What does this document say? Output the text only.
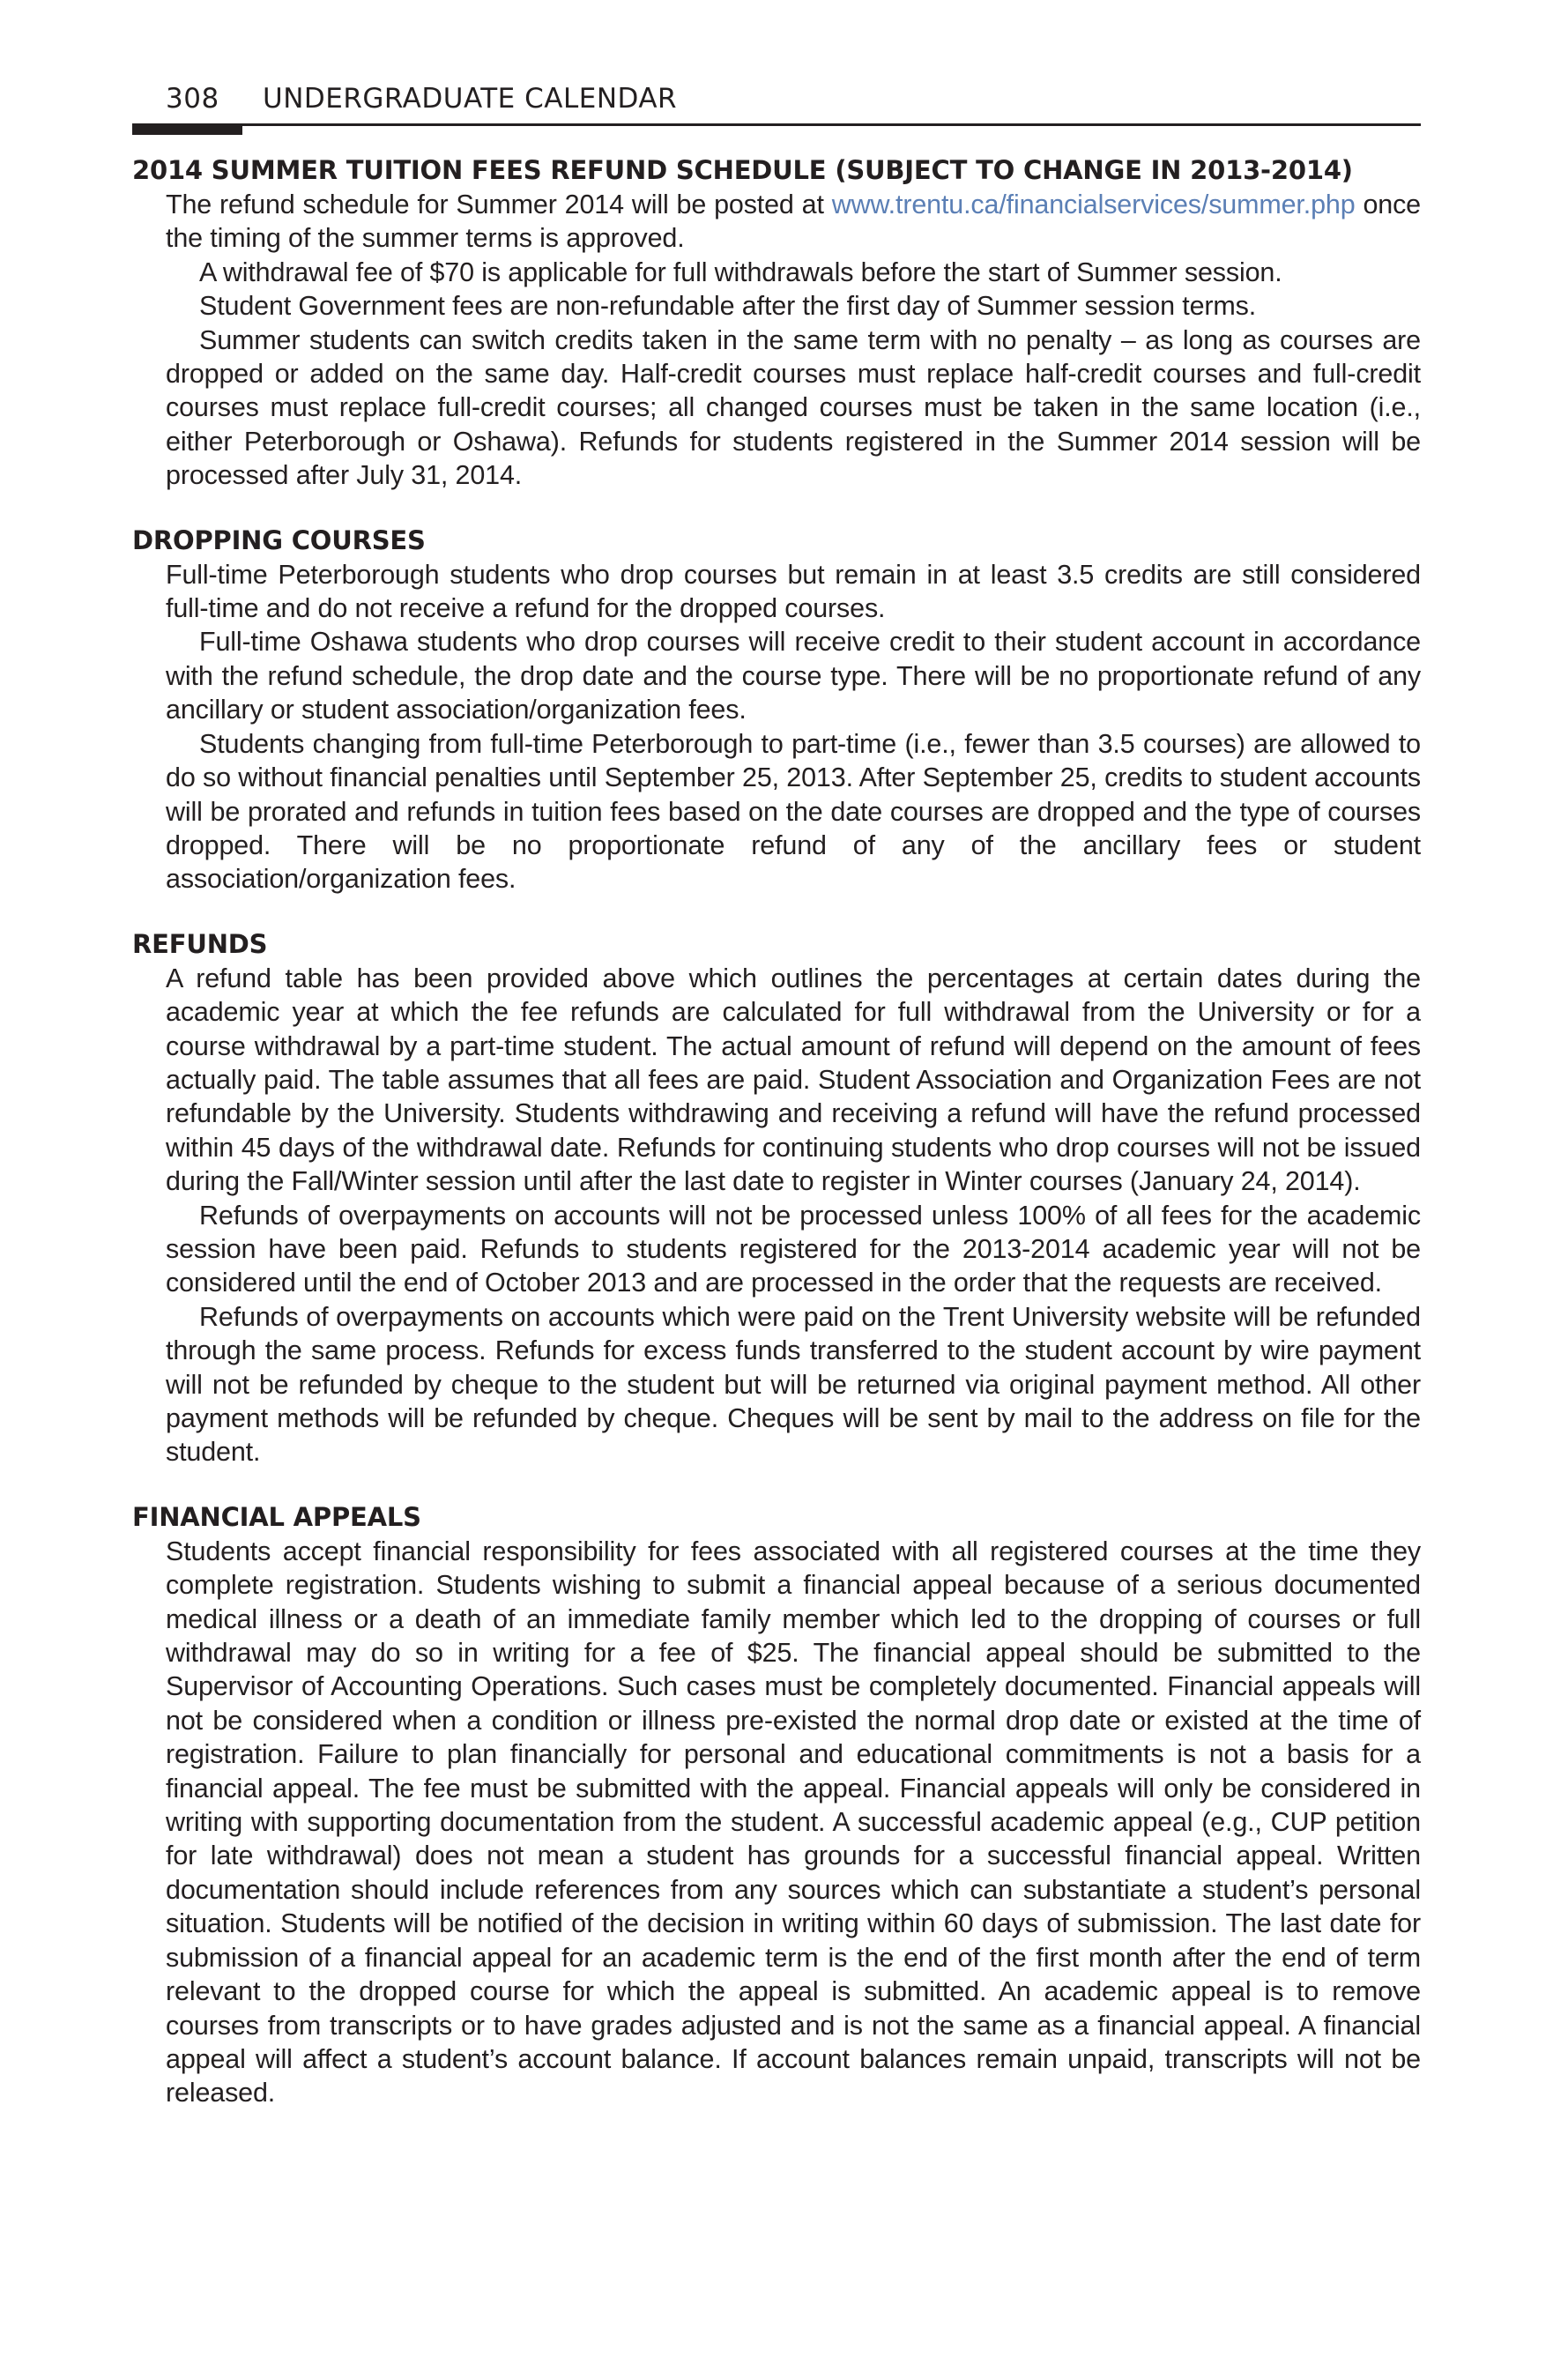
308 UNDERGRADUATE CALENDAR
2014 SUMMER TUITION FEES REFUND SCHEDULE (SUBJECT TO CHANGE IN 2013-2014)

The refund schedule for Summer 2014 will be posted at www.trentu.ca/financialservices/summer.php once the timing of the summer terms is approved.

A withdrawal fee of $70 is applicable for full withdrawals before the start of Summer session.

Student Government fees are non-refundable after the first day of Summer session terms.

Summer students can switch credits taken in the same term with no penalty – as long as courses are dropped or added on the same day. Half-credit courses must replace half-credit courses and full-credit courses must replace full-credit courses; all changed courses must be taken in the same location (i.e., either Peterborough or Oshawa). Refunds for students registered in the Summer 2014 session will be processed after July 31, 2014.

DROPPING COURSES

Full-time Peterborough students who drop courses but remain in at least 3.5 credits are still considered full-time and do not receive a refund for the dropped courses.

Full-time Oshawa students who drop courses will receive credit to their student account in accordance with the refund schedule, the drop date and the course type. There will be no proportionate refund of any ancillary or student association/organization fees.

Students changing from full-time Peterborough to part-time (i.e., fewer than 3.5 courses) are allowed to do so without financial penalties until September 25, 2013. After September 25, credits to student accounts will be prorated and refunds in tuition fees based on the date courses are dropped and the type of courses dropped. There will be no proportionate refund of any of the ancillary fees or student association/organization fees.

REFUNDS

A refund table has been provided above which outlines the percentages at certain dates during the academic year at which the fee refunds are calculated for full withdrawal from the University or for a course withdrawal by a part-time student. The actual amount of refund will depend on the amount of fees actually paid. The table assumes that all fees are paid. Student Association and Organization Fees are not refundable by the University. Students withdrawing and receiving a refund will have the refund processed within 45 days of the withdrawal date. Refunds for continuing students who drop courses will not be issued during the Fall/Winter session until after the last date to register in Winter courses (January 24, 2014).

Refunds of overpayments on accounts will not be processed unless 100% of all fees for the academic session have been paid. Refunds to students registered for the 2013-2014 academic year will not be considered until the end of October 2013 and are processed in the order that the requests are received.

Refunds of overpayments on accounts which were paid on the Trent University website will be refunded through the same process. Refunds for excess funds transferred to the student account by wire payment will not be refunded by cheque to the student but will be returned via original payment method. All other payment methods will be refunded by cheque. Cheques will be sent by mail to the address on file for the student.

FINANCIAL APPEALS

Students accept financial responsibility for fees associated with all registered courses at the time they complete registration. Students wishing to submit a financial appeal because of a serious documented medical illness or a death of an immediate family member which led to the dropping of courses or full withdrawal may do so in writing for a fee of $25. The financial appeal should be submitted to the Supervisor of Accounting Operations. Such cases must be completely documented. Financial appeals will not be considered when a condition or illness pre-existed the normal drop date or existed at the time of registration. Failure to plan financially for personal and educational commitments is not a basis for a financial appeal. The fee must be submitted with the appeal. Financial appeals will only be considered in writing with supporting documentation from the student. A successful academic appeal (e.g., CUP petition for late withdrawal) does not mean a student has grounds for a successful financial appeal. Written documentation should include references from any sources which can substantiate a student’s personal situation. Students will be notified of the decision in writing within 60 days of submission. The last date for submission of a financial appeal for an academic term is the end of the first month after the end of term relevant to the dropped course for which the appeal is submitted. An academic appeal is to remove courses from transcripts or to have grades adjusted and is not the same as a financial appeal. A financial appeal will affect a student’s account balance. If account balances remain unpaid, transcripts will not be released.
